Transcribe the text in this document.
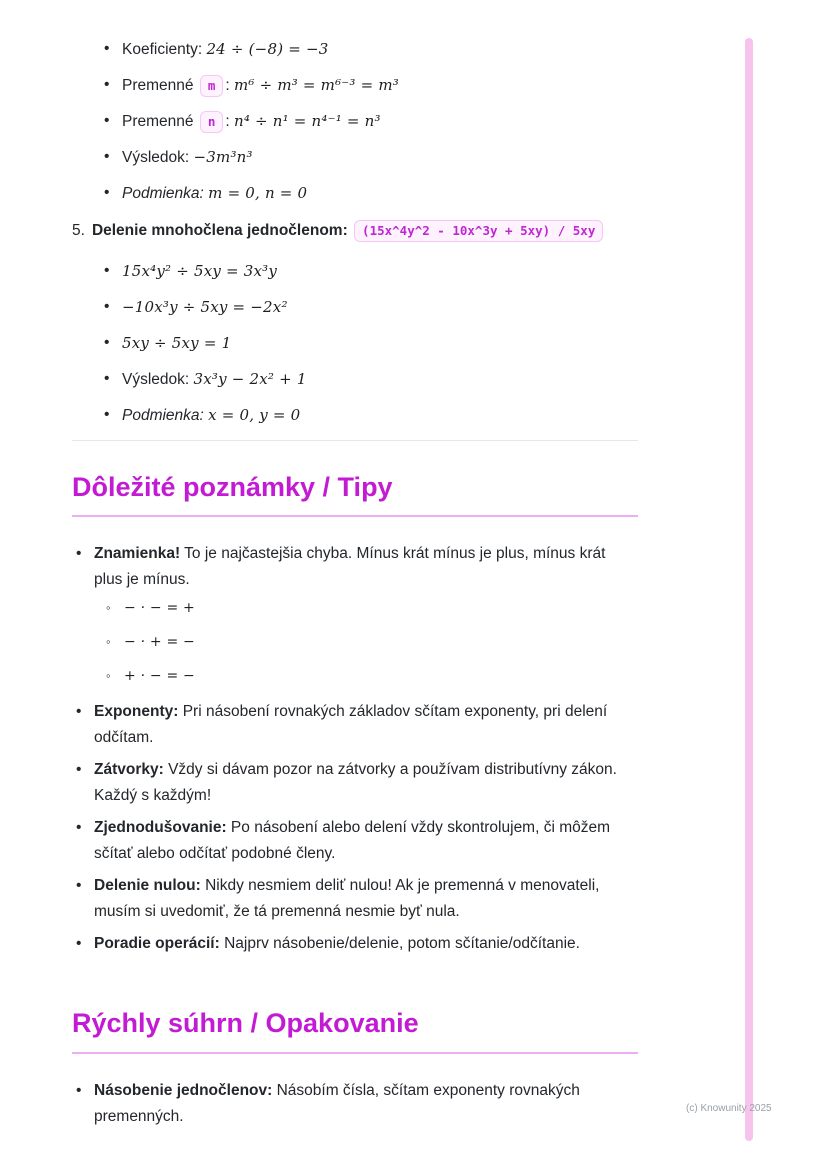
• Koeficienty: 24 ÷ (−8) = −3
• Premenné m : m⁶ ÷ m³ = m⁶⁻³ = m³
• Premenné n : n⁴ ÷ n¹ = n⁴⁻¹ = n³
• Výsledok: −3m³n³
• Podmienka: m = 0, n = 0
5. Delenie mnohočlena jednočlenom: (15x^4y^2 - 10x^3y + 5xy) / 5xy
• 15x⁴y² ÷ 5xy = 3x³y
• −10x³y ÷ 5xy = −2x²
• 5xy ÷ 5xy = 1
• Výsledok: 3x³y − 2x² + 1
• Podmienka: x = 0, y = 0
Dôležité poznámky / Tipy
• Znamienka! To je najčastejšia chyba. Mínus krát mínus je plus, mínus krát plus je mínus.
◦ − · − = +
◦ − · + = −
◦ + · − = −
• Exponenty: Pri násobení rovnakých základov sčítam exponenty, pri delení odčítam.
• Zátvorky: Vždy si dávam pozor na zátvorky a používam distributívny zákon. Každý s každým!
• Zjednodušovanie: Po násobení alebo delení vždy skontrolujem, či môžem sčítať alebo odčítať podobné členy.
• Delenie nulou: Nikdy nesmiem deliť nulou! Ak je premenná v menovateli, musím si uvedomiť, že tá premenná nesmie byť nula.
• Poradie operácií: Najprv násobenie/delenie, potom sčítanie/odčítanie.
Rýchly súhrn / Opakovanie
• Násobenie jednočlenov: Násobím čísla, sčítam exponenty rovnakých premenných.	(c) Knowunity 2025
